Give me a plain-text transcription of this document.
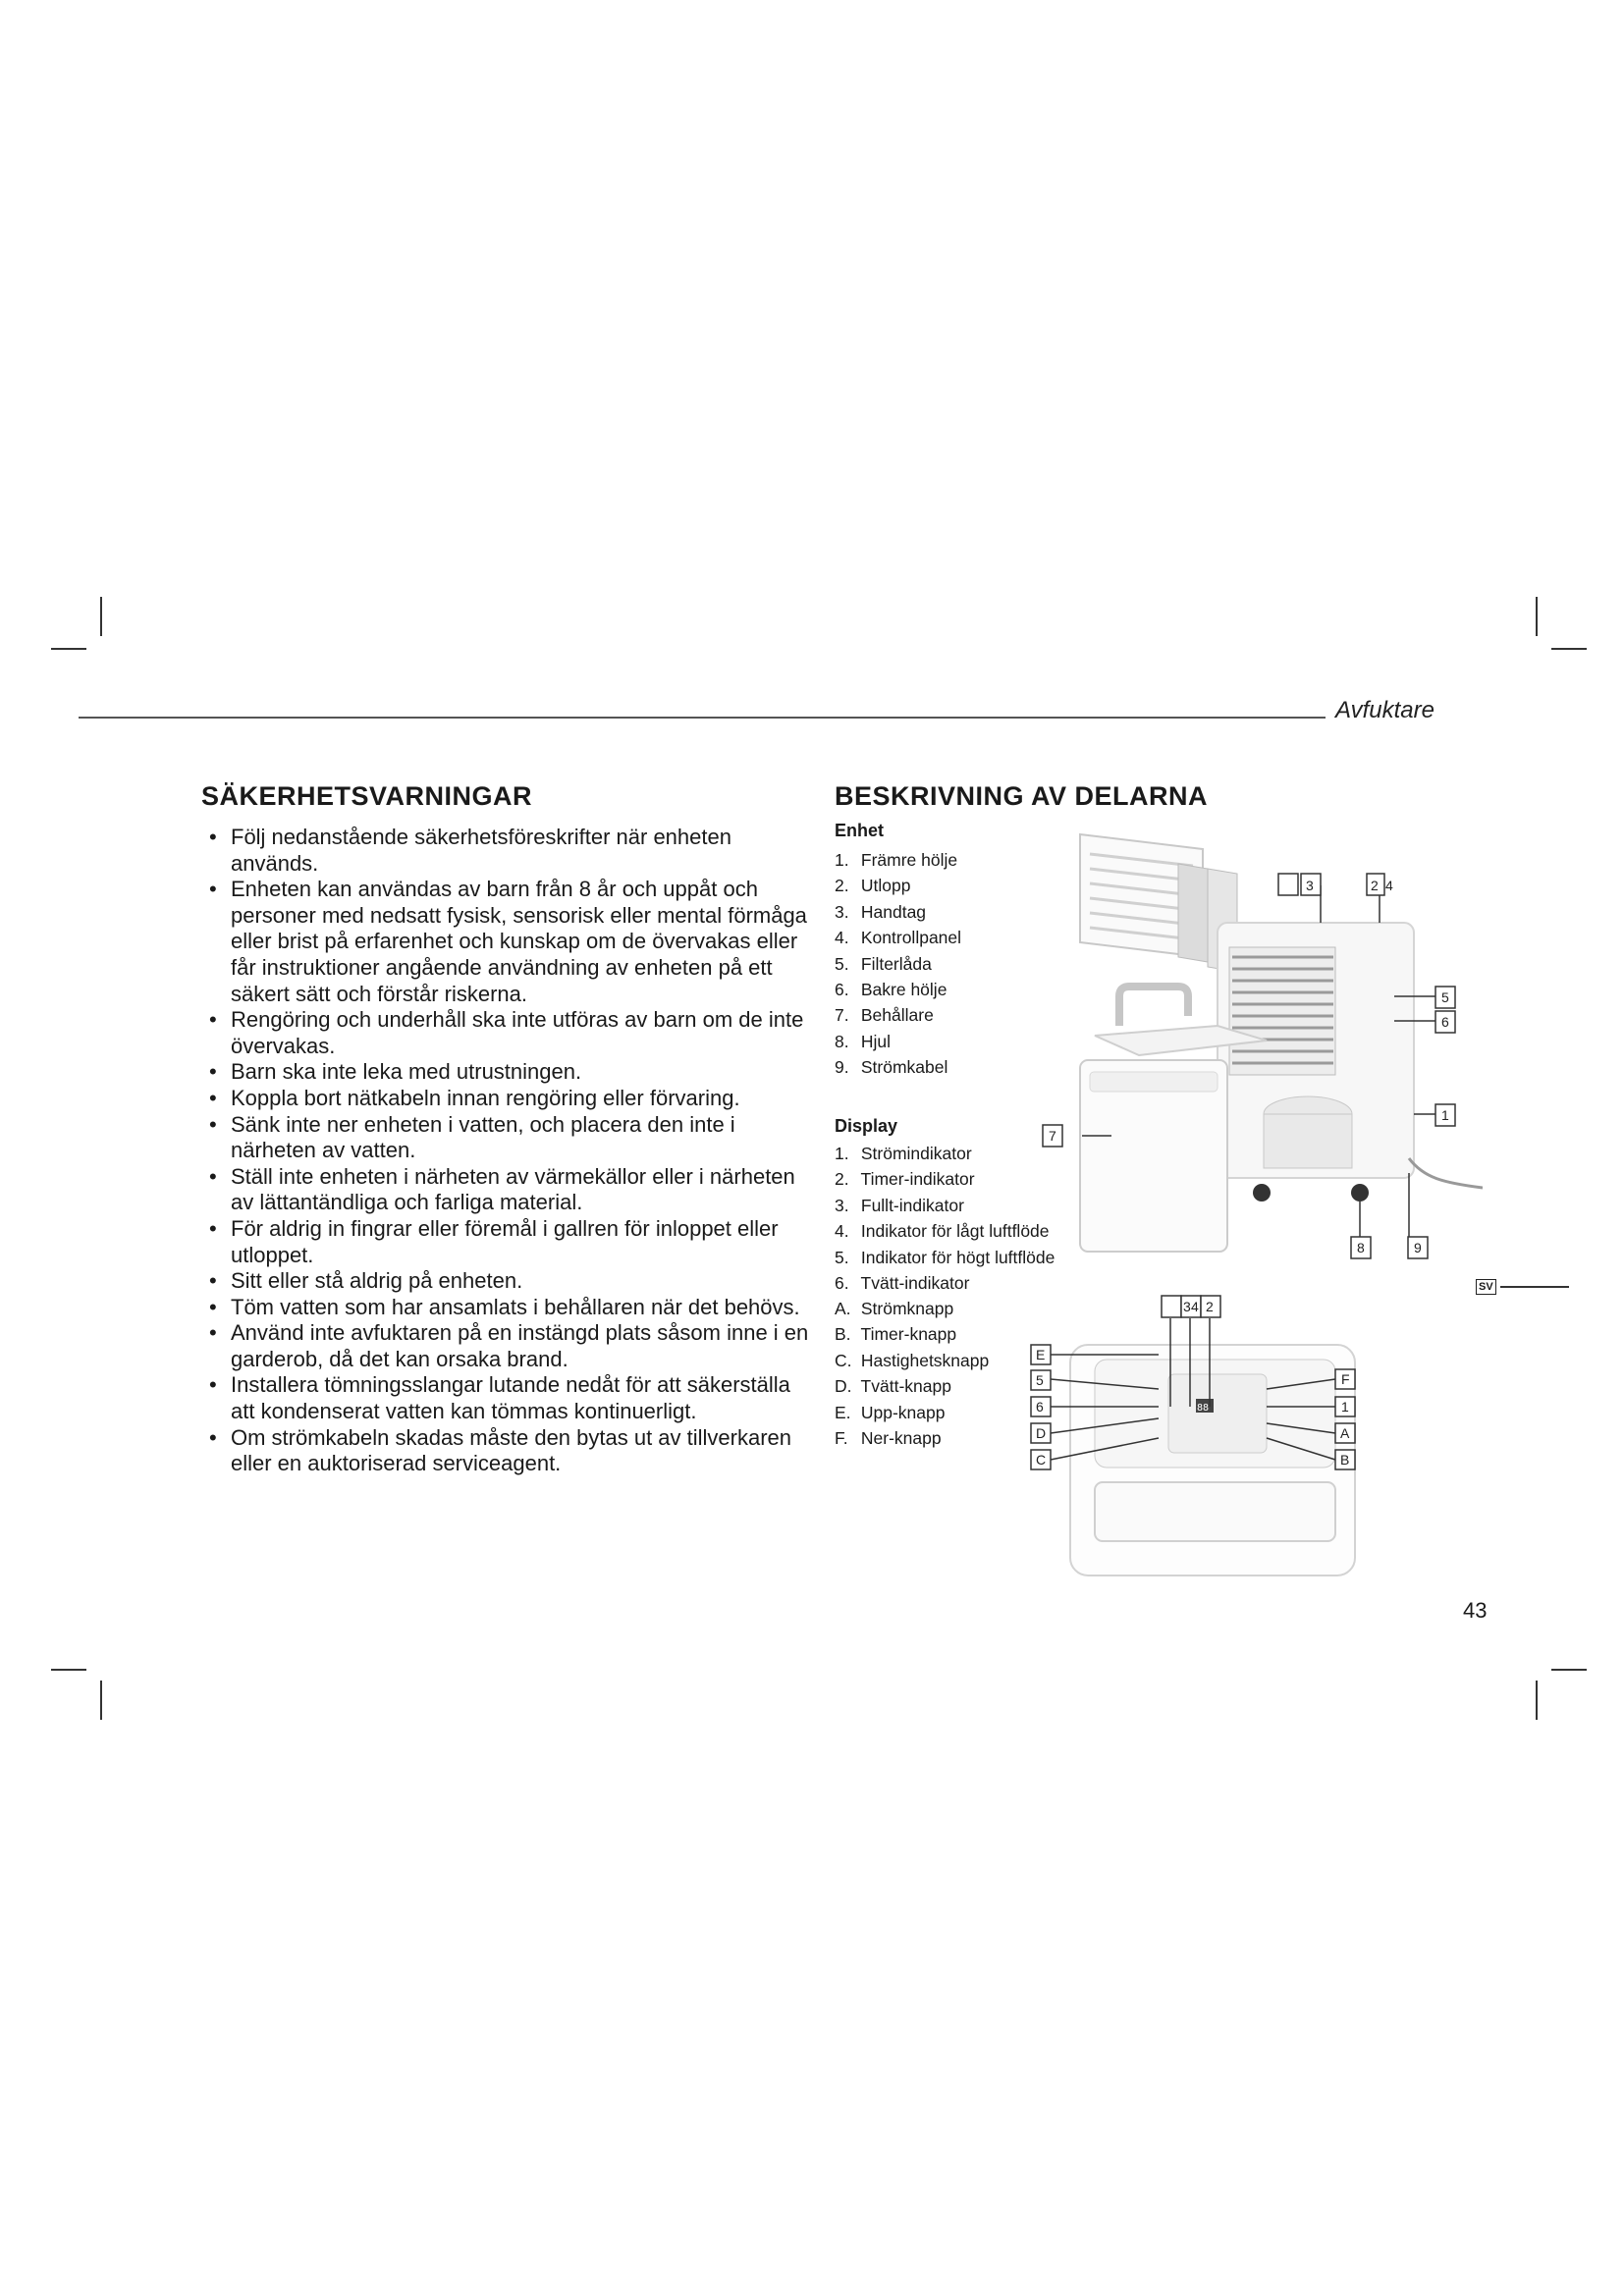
Avfuktare
SÄKERHETSVARNINGAR
• Följ nedanstående säkerhetsföreskrifter när enheten används.
• Enheten kan användas av barn från 8 år och uppåt och personer med nedsatt fysisk, sensorisk eller mental förmåga eller brist på erfarenhet och kunskap om de övervakas eller får instruktioner angående användning av enheten på ett säkert sätt och förstår riskerna.
• Rengöring och underhåll ska inte utföras av barn om de inte övervakas.
• Barn ska inte leka med utrustningen.
• Koppla bort nätkabeln innan rengöring eller förvaring.
• Sänk inte ner enheten i vatten, och placera den inte i närheten av vatten.
• Ställ inte enheten i närheten av värmekällor eller i närheten av lättantändliga och farliga material.
• För aldrig in fingrar eller föremål i gallren för inloppet eller utloppet.
• Sitt eller stå aldrig på enheten.
• Töm vatten som har ansamlats i behållaren när det behövs.
• Använd inte avfuktaren på en instängd plats såsom inne i en garderob, då det kan orsaka brand.
• Installera tömningsslangar lutande nedåt för att säkerställa att kondenserat vatten kan tömmas kontinuerligt.
• Om strömkabeln skadas måste den bytas ut av tillverkaren eller en auktoriserad serviceagent.
BESKRIVNING AV DELARNA
Enhet
1. Främre hölje
2. Utlopp
3. Handtag
4. Kontrollpanel
5. Filterlåda
6. Bakre hölje
7. Behållare
8. Hjul
9. Strömkabel
Display
1. Strömindikator
2. Timer-indikator
3. Fullt-indikator
4. Indikator för lågt luftflöde
5. Indikator för högt luftflöde
6. Tvätt-indikator
A. Strömknapp
B. Timer-knapp
C. Hastighetsknapp
D. Tvätt-knapp
E. Upp-knapp
F. Ner-knapp
3	2 4
5
6
1
7
8	9
88
3 4 2
E
5
6
D
C
F
1
A
B
SV
43
